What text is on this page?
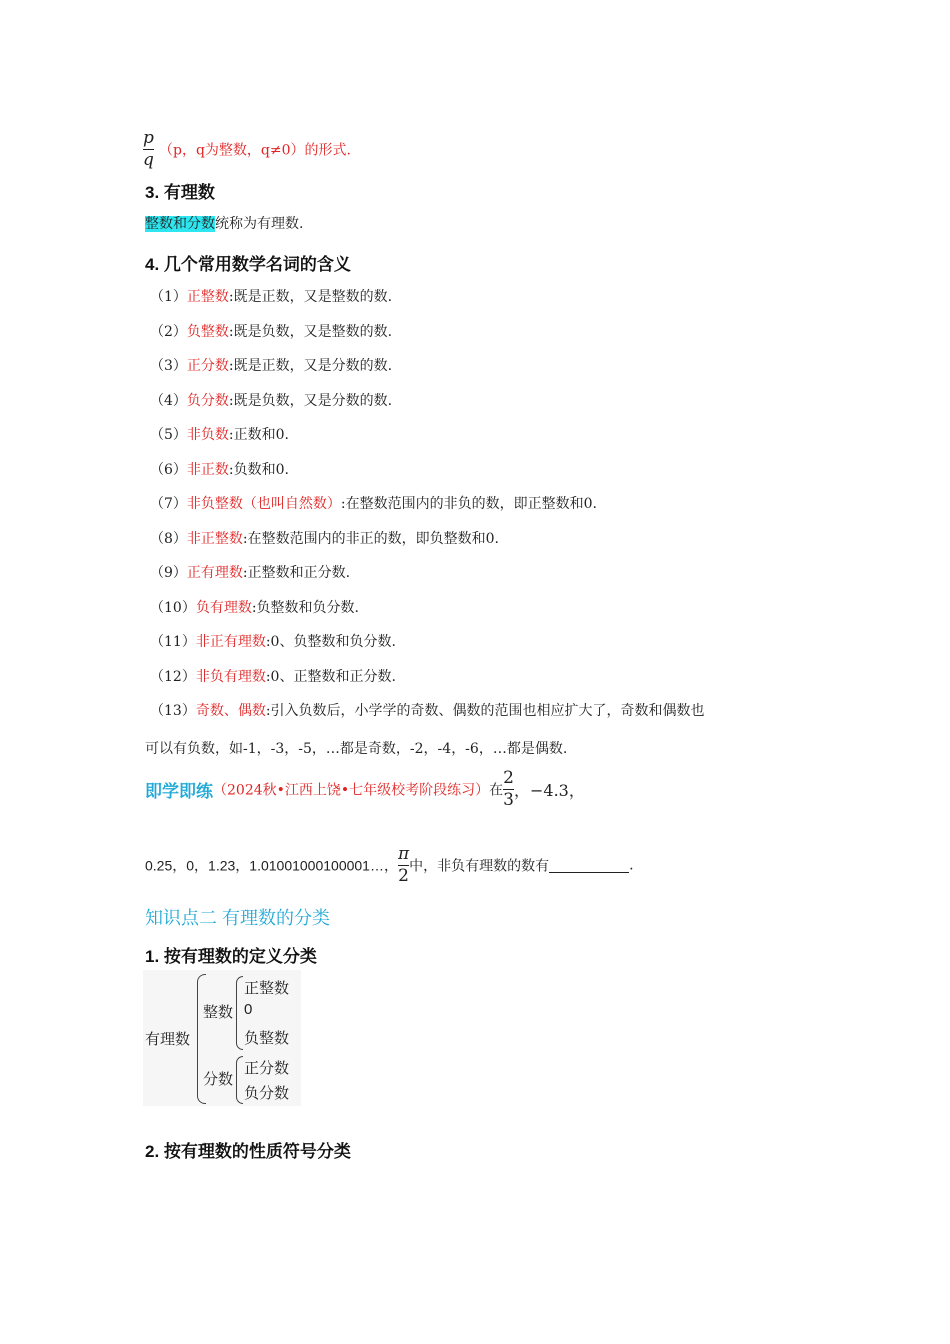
$\frac{p}{q} (p$，q为整数，q≠0）的形式.
3. 有理数
整数和分数统称为有理数.
4. 几个常用数学名词的含义
（1）正整数:既是正数，又是整数的数.
（2）负整数:既是负数，又是整数的数.
（3）正分数:既是正数，又是分数的数.
（4）负分数:既是负数，又是分数的数.
（5）非负数:正数和0.
（6）非正数:负数和0.
（7）非负整数（也叫自然数）:在整数范围内的非负的数，即正整数和0.
（8）非正整数:在整数范围内的非正的数，即负整数和0.
（9）正有理数:正整数和正分数.
（10）负有理数:负整数和负分数.
（11）非正有理数:0、负整数和负分数.
（12）非负有理数:0、正整数和正分数.
（13）奇数、偶数:引入负数后，小学学的奇数、偶数的范围也相应扩大了，奇数和偶数也
可以有负数，如-1，-3，-5，…都是奇数，-2，-4，-6，…都是偶数.
即学即练（2024秋•江西上饶•七年级校考阶段练习）在 $\frac{2}{3}$ ，−4.3，
0.25，0，1.23，1.01001000100001…， $\frac{\pi}{2}$ 中，非负有理数的数有	.
知识点二 有理数的分类
1. 按有理数的定义分类
有理数
整数
正整数
0
负整数
分数
正分数
负分数
2. 按有理数的性质符号分类
